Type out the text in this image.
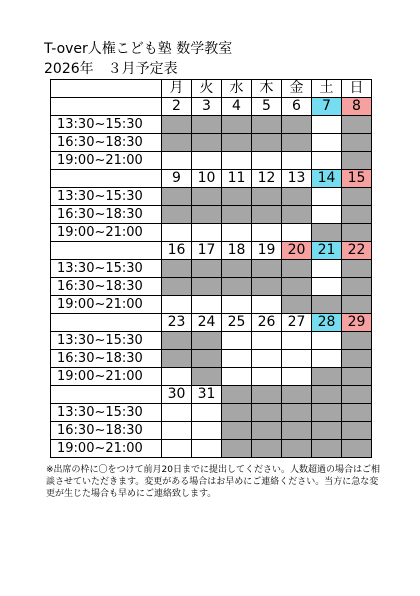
T-over人権こども塾 数学教室
2026年　３月予定表
	月	火	水	木	金	土	日
	2	3	4	5	6	7	8
13:30~15:30							
16:30~18:30							
19:00~21:00							
	9	10	11	12	13	14	15
13:30~15:30							
16:30~18:30							
19:00~21:00							
	16	17	18	19	20	21	22
13:30~15:30							
16:30~18:30							
19:00~21:00							
	23	24	25	26	27	28	29
13:30~15:30							
16:30~18:30							
19:00~21:00							
	30	31					
13:30~15:30							
16:30~18:30							
19:00~21:00							
※出席の枠に〇をつけて前月20日までに提出してください。人数超過の場合はご相談させていただきます。変更がある場合はお早めにご連絡ください。当方に急な変更が生じた場合も早めにご連絡致します。
